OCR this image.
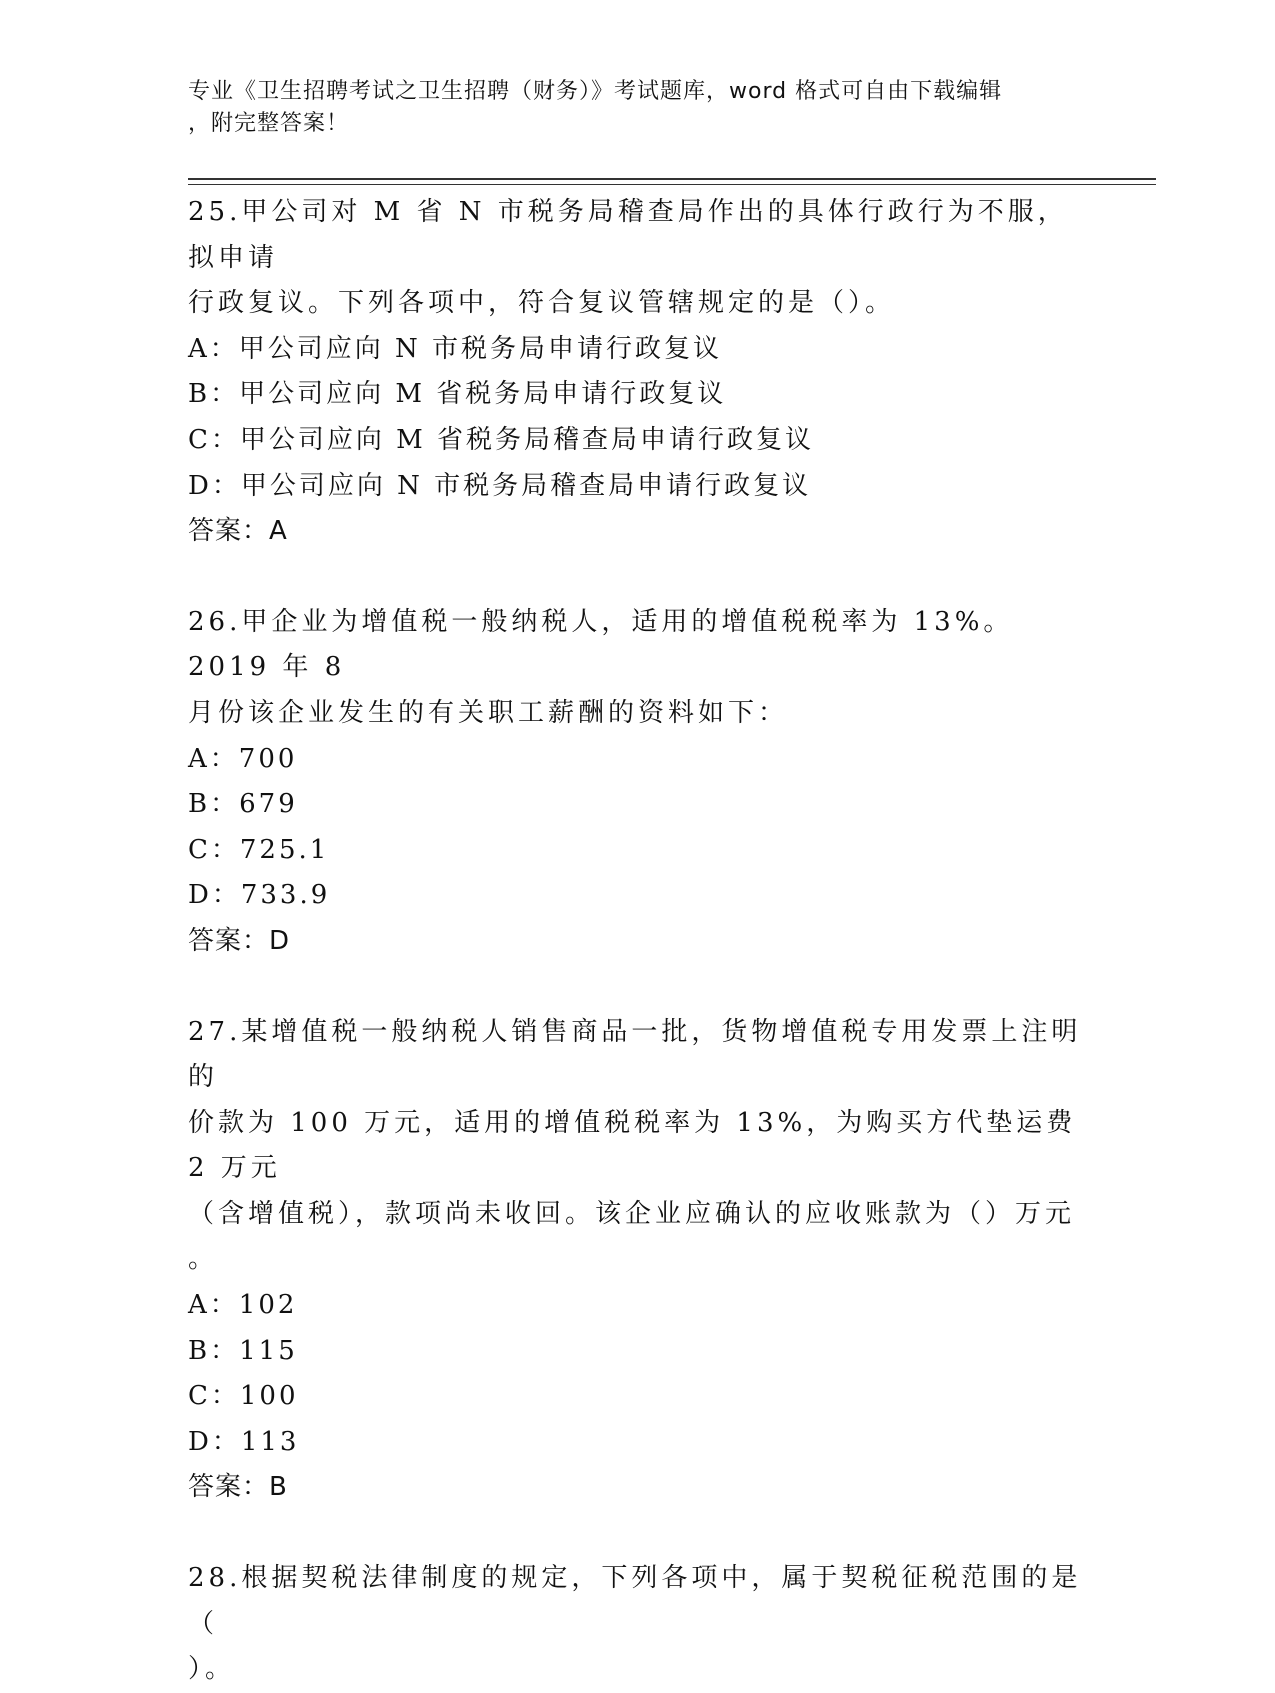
专业《卫生招聘考试之卫生招聘（财务）》考试题库，word 格式可自由下载编辑
，附完整答案！

25.甲公司对 M 省 N 市税务局稽查局作出的具体行政行为不服，拟申请

行政复议。下列各项中，符合复议管辖规定的是（）。

A：甲公司应向 N 市税务局申请行政复议

B：甲公司应向 M 省税务局申请行政复议

C：甲公司应向 M 省税务局稽查局申请行政复议

D：甲公司应向 N 市税务局稽查局申请行政复议

答案：A

26.甲企业为增值税一般纳税人，适用的增值税税率为 13%。2019 年 8

月份该企业发生的有关职工薪酬的资料如下：

A：700

B：679

C：725.1

D：733.9

答案：D

27.某增值税一般纳税人销售商品一批，货物增值税专用发票上注明的

价款为 100 万元，适用的增值税税率为 13%，为购买方代垫运费 2 万元

（含增值税），款项尚未收回。该企业应确认的应收账款为（）万元

。

A：102

B：115

C：100

D：113

答案：B

28.根据契税法律制度的规定，下列各项中，属于契税征税范围的是（

）。
